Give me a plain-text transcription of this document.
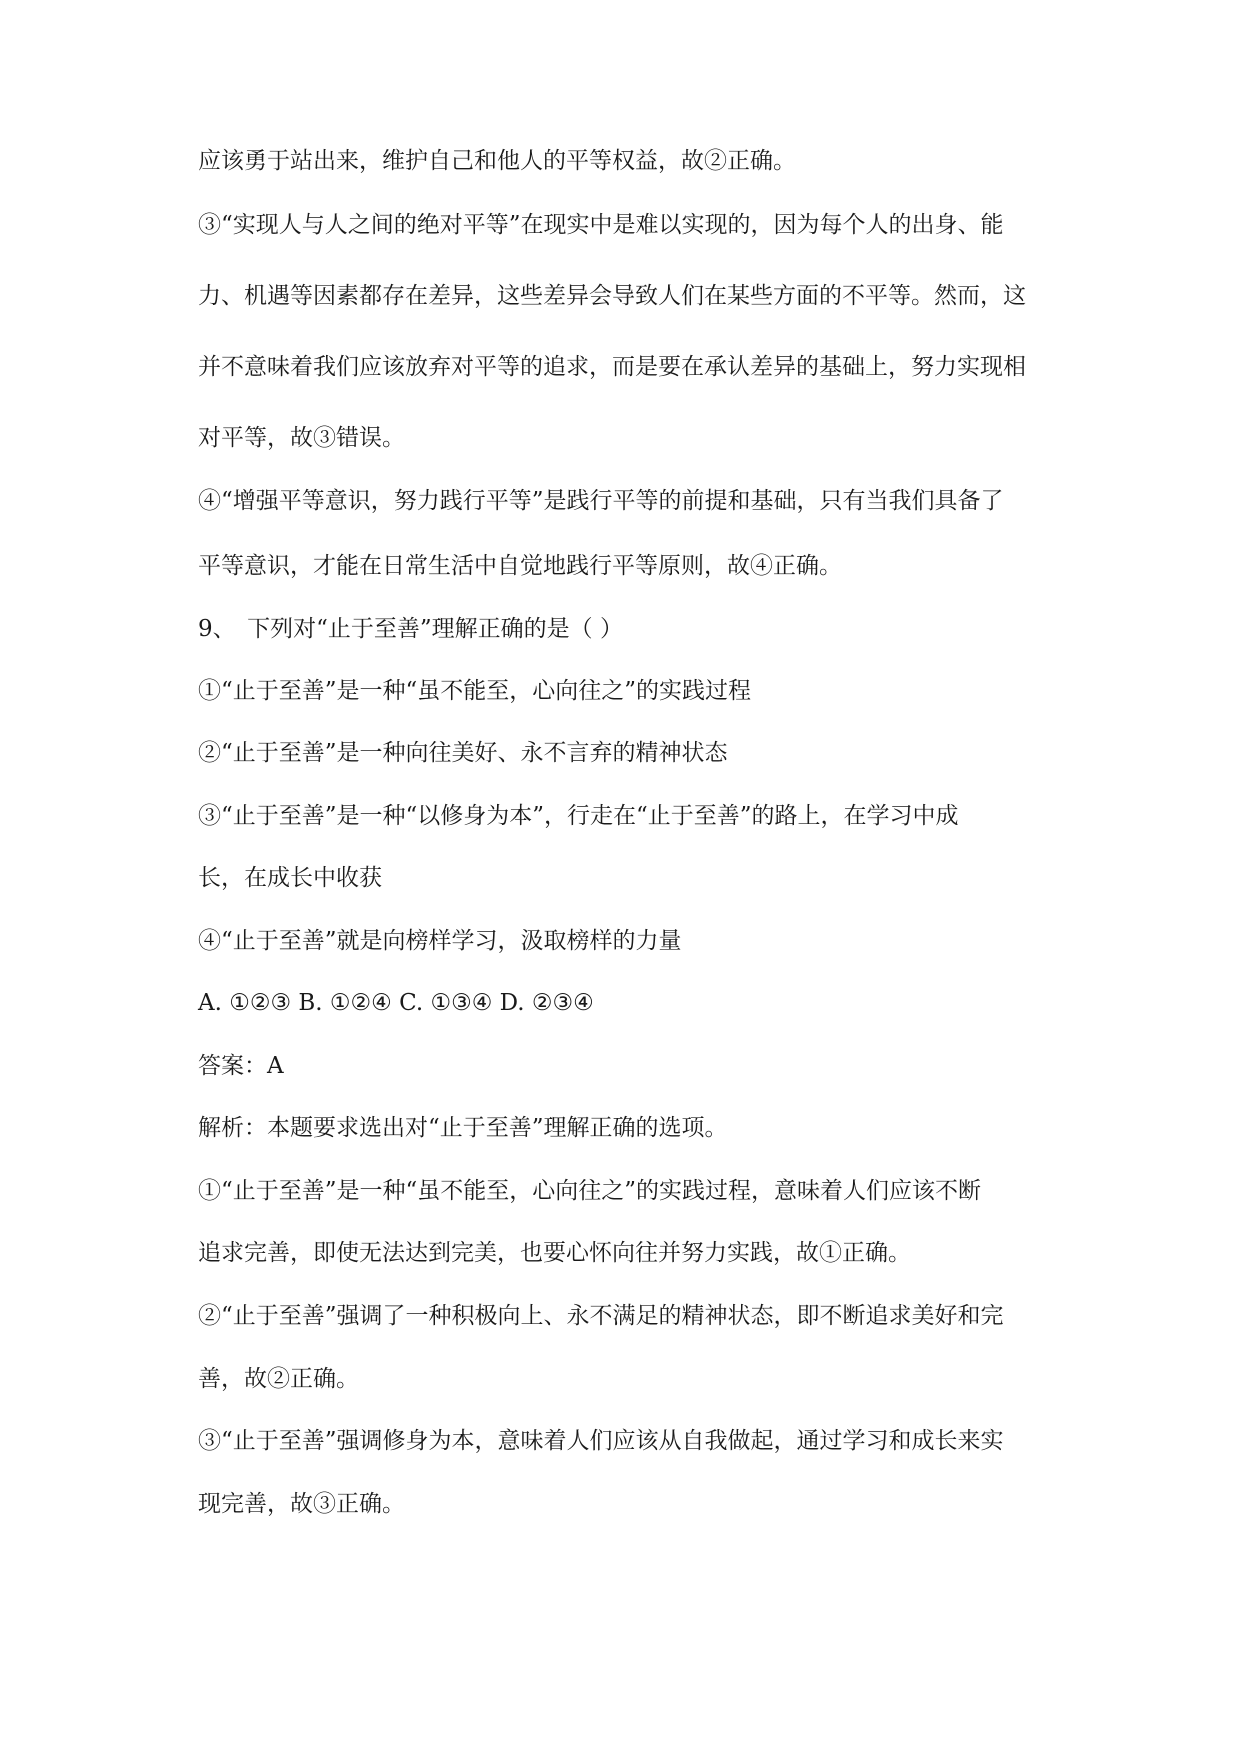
应该勇于站出来，维护自己和他人的平等权益，故②正确。
③“实现人与人之间的绝对平等”在现实中是难以实现的，因为每个人的出身、能
力、机遇等因素都存在差异，这些差异会导致人们在某些方面的不平等。然而，这
并不意味着我们应该放弃对平等的追求，而是要在承认差异的基础上，努力实现相
对平等，故③错误。
④“增强平等意识，努力践行平等”是践行平等的前提和基础，只有当我们具备了
平等意识，才能在日常生活中自觉地践行平等原则，故④正确。
9、　下列对“止于至善”理解正确的是（ ）
①“止于至善”是一种“虽不能至，心向往之”的实践过程
②“止于至善”是一种向往美好、永不言弃的精神状态
③“止于至善”是一种“以修身为本”，行走在“止于至善”的路上，在学习中成
长，在成长中收获
④“止于至善”就是向榜样学习，汲取榜样的力量
A. ①②③ B. ①②④ C. ①③④ D. ②③④
答案：A
解析：本题要求选出对“止于至善”理解正确的选项。
①“止于至善”是一种“虽不能至，心向往之”的实践过程，意味着人们应该不断
追求完善，即使无法达到完美，也要心怀向往并努力实践，故①正确。
②“止于至善”强调了一种积极向上、永不满足的精神状态，即不断追求美好和完
善，故②正确。
③“止于至善”强调修身为本，意味着人们应该从自我做起，通过学习和成长来实
现完善，故③正确。
